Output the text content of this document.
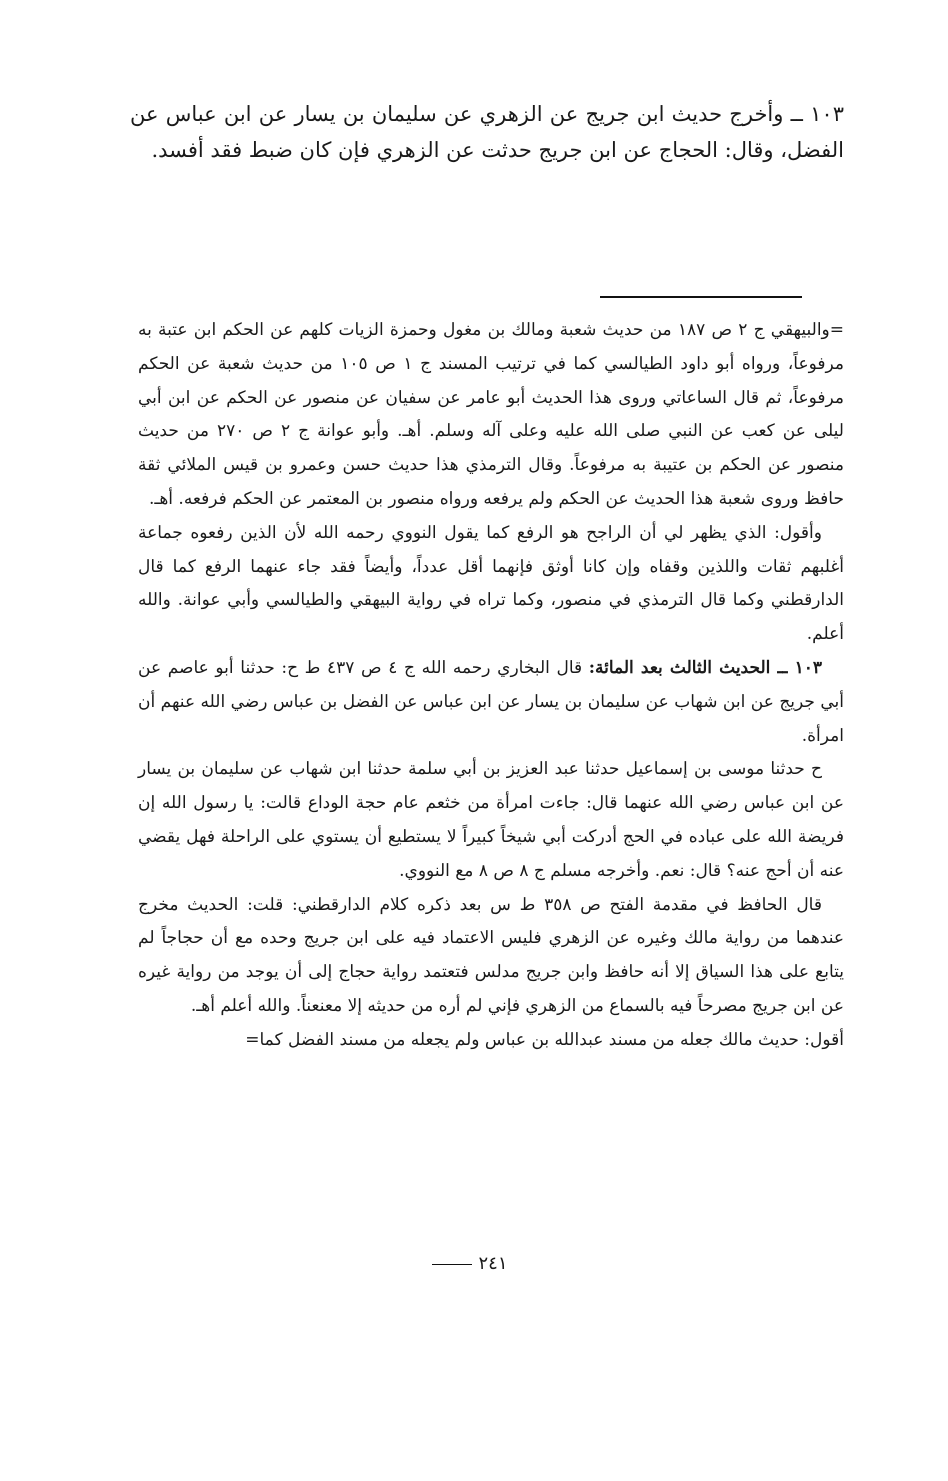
١٠٣ ــ وأخرج حديث ابن جريج عن الزهري عن سليمان بن يسار عن ابن عباس عن الفضل، وقال: الحجاج عن ابن جريج حدثت عن الزهري فإن كان ضبط فقد أفسد.

=والبيهقي ج ٢ ص ١٨٧ من حديث شعبة ومالك بن مغول وحمزة الزيات كلهم عن الحكم ابن عتبة به مرفوعاً، ورواه أبو داود الطيالسي كما في ترتيب المسند ج ١ ص ١٠٥ من حديث شعبة عن الحكم مرفوعاً، ثم قال الساعاتي وروى هذا الحديث أبو عامر عن سفيان عن منصور عن الحكم عن ابن أبي ليلى عن كعب عن النبي صلى الله عليه وعلى آله وسلم. أهـ. وأبو عوانة ج ٢ ص ٢٧٠ من حديث منصور عن الحكم بن عتيبة به مرفوعاً. وقال الترمذي هذا حديث حسن وعمرو بن قيس الملائي ثقة حافظ وروى شعبة هذا الحديث عن الحكم ولم يرفعه ورواه منصور بن المعتمر عن الحكم فرفعه. أهـ.

وأقول: الذي يظهر لي أن الراجح هو الرفع كما يقول النووي رحمه الله لأن الذين رفعوه جماعة أغلبهم ثقات واللذين وقفاه وإن كانا أوثق فإنهما أقل عدداً، وأيضاً فقد جاء عنهما الرفع كما قال الدارقطني وكما قال الترمذي في منصور، وكما تراه في رواية البيهقي والطيالسي وأبي عوانة. والله أعلم.

١٠٣ ــ الحديث الثالث بعد المائة: قال البخاري رحمه الله ج ٤ ص ٤٣٧ ط ح: حدثنا أبو عاصم عن أبي جريج عن ابن شهاب عن سليمان بن يسار عن ابن عباس عن الفضل بن عباس رضي الله عنهم أن امرأة.

ح حدثنا موسى بن إسماعيل حدثنا عبد العزيز بن أبي سلمة حدثنا ابن شهاب عن سليمان بن يسار عن ابن عباس رضي الله عنهما قال: جاءت امرأة من خثعم عام حجة الوداع قالت: يا رسول الله إن فريضة الله على عباده في الحج أدركت أبي شيخاً كبيراً لا يستطيع أن يستوي على الراحلة فهل يقضي عنه أن أحج عنه؟ قال: نعم. وأخرجه مسلم ج ٨ ص ٨ مع النووي.

قال الحافظ في مقدمة الفتح ص ٣٥٨ ط س بعد ذكره كلام الدارقطني: قلت: الحديث مخرج عندهما من رواية مالك وغيره عن الزهري فليس الاعتماد فيه على ابن جريج وحده مع أن حجاجاً لم يتابع على هذا السياق إلا أنه حافظ وابن جريج مدلس فتعتمد رواية حجاج إلى أن يوجد من رواية غيره عن ابن جريج مصرحاً فيه بالسماع من الزهري فإني لم أره من حديثه إلا معنعناً. والله أعلم أهـ.

أقول: حديث مالك جعله من مسند عبدالله بن عباس ولم يجعله من مسند الفضل كما=

٢٤١
